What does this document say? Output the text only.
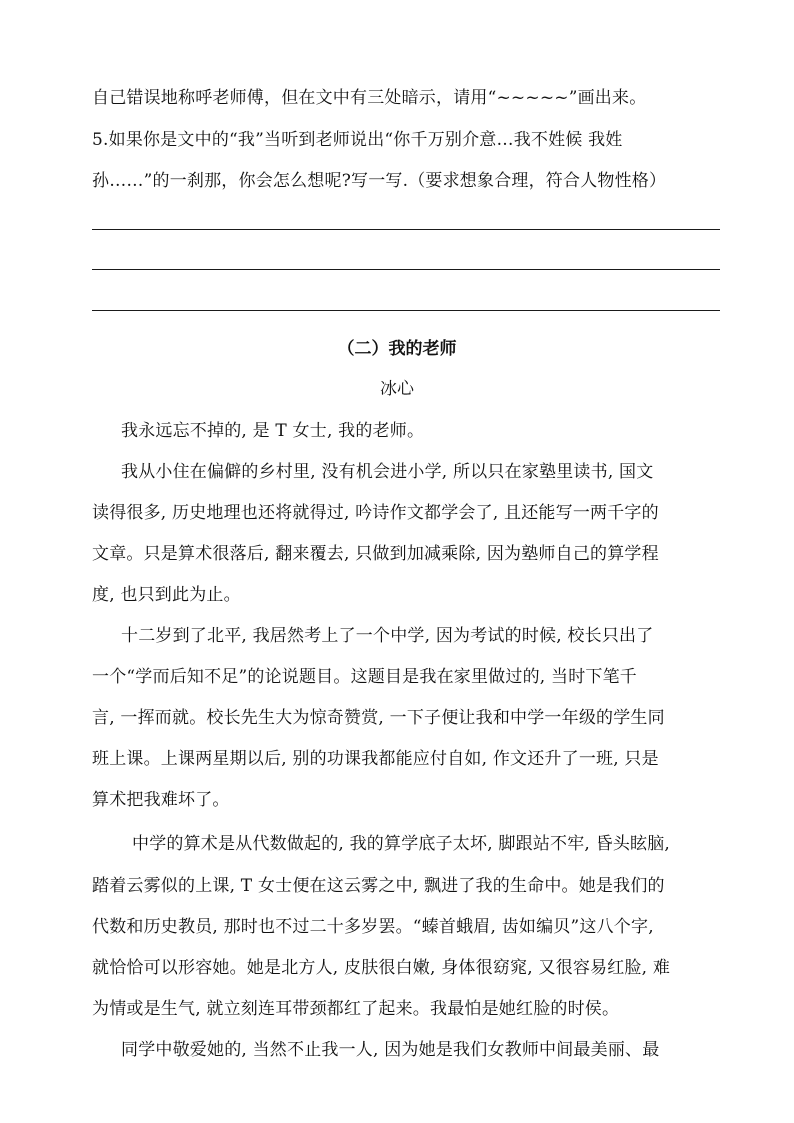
自己错误地称呼老师傅，但在文中有三处暗示，请用“~~~~~”画出来。
5.如果你是文中的“我”当听到老师说出“你千万别介意…我不姓候 我姓
孙……”的一刹那，你会怎么想呢?写一写.（要求想象合理，符合人物性格）
（二）我的老师
冰心
我永远忘不掉的, 是 T 女士, 我的老师。
我从小住在偏僻的乡村里, 没有机会进小学, 所以只在家塾里读书, 国文
读得很多, 历史地理也还将就得过, 吟诗作文都学会了, 且还能写一两千字的
文章。只是算术很落后, 翻来覆去, 只做到加减乘除, 因为塾师自己的算学程
度, 也只到此为止。
十二岁到了北平, 我居然考上了一个中学, 因为考试的时候, 校长只出了
一个“学而后知不足”的论说题目。这题目是我在家里做过的, 当时下笔千
言, 一挥而就。校长先生大为惊奇赞赏, 一下子便让我和中学一年级的学生同
班上课。上课两星期以后, 别的功课我都能应付自如, 作文还升了一班, 只是
算术把我难坏了。
中学的算术是从代数做起的, 我的算学底子太坏, 脚跟站不牢, 昏头眩脑,
踏着云雾似的上课, T 女士便在这云雾之中, 飘进了我的生命中。她是我们的
代数和历史教员, 那时也不过二十多岁罢。“螓首蛾眉, 齿如编贝”这八个字,
就恰恰可以形容她。她是北方人, 皮肤很白嫩, 身体很窈窕, 又很容易红脸, 难
为情或是生气, 就立刻连耳带颈都红了起来。我最怕是她红脸的时侯。
同学中敬爱她的, 当然不止我一人, 因为她是我们女教师中间最美丽、最
